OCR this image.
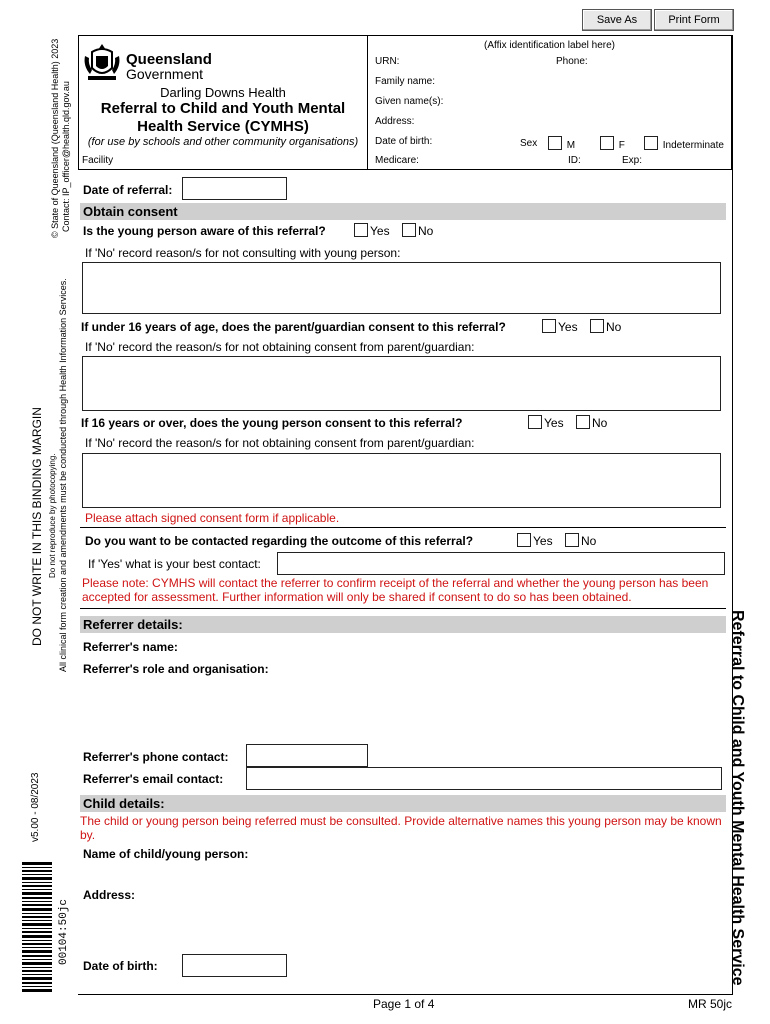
Save As	Print Form
© State of Queensland (Queensland Health) 2023 Contact: IP_officer@health.qld.gov.au
DO NOT WRITE IN THIS BINDING MARGIN Do not reproduce by photocopying. All clinical form creation and amendments must be conducted through Health Information Services.
v5.00 - 08/2023
00104:50jc
Queensland
Government
Darling Downs Health
Referral to Child and Youth Mental Health Service (CYMHS)
(for use by schools and other community organisations)
Facility
(Affix identification label here)
URN:	Phone:
Family name:
Given name(s):
Address:
Date of birth:	Sex	M	F	Indeterminate
Medicare:	ID:	Exp:
Date of referral:
Obtain consent
Is the young person aware of this referral?	Yes	No
If 'No' record reason/s for not consulting with young person:
If under 16 years of age, does the parent/guardian consent to this referral?	Yes	No
If 'No' record the reason/s for not obtaining consent from parent/guardian:
If 16 years or over, does the young person consent to this referral?	Yes	No
If 'No' record the reason/s for not obtaining consent from parent/guardian:
Please attach signed consent form if applicable.
Do you want to be contacted regarding the outcome of this referral?	Yes	No
If 'Yes' what is your best contact:
Please note: CYMHS will contact the referrer to confirm receipt of the referral and whether the young person has been accepted for assessment. Further information will only be shared if consent to do so has been obtained.
Referrer details:
Referrer's name:
Referrer's role and organisation:
Referrer's phone contact:
Referrer's email contact:
Child details:
The child or young person being referred must be consulted. Provide alternative names this young person may be known by.
Name of child/young person:
Address:
Date of birth:	Referral to Child and Youth Mental Health Service
Page 1 of 4	MR 50jc
